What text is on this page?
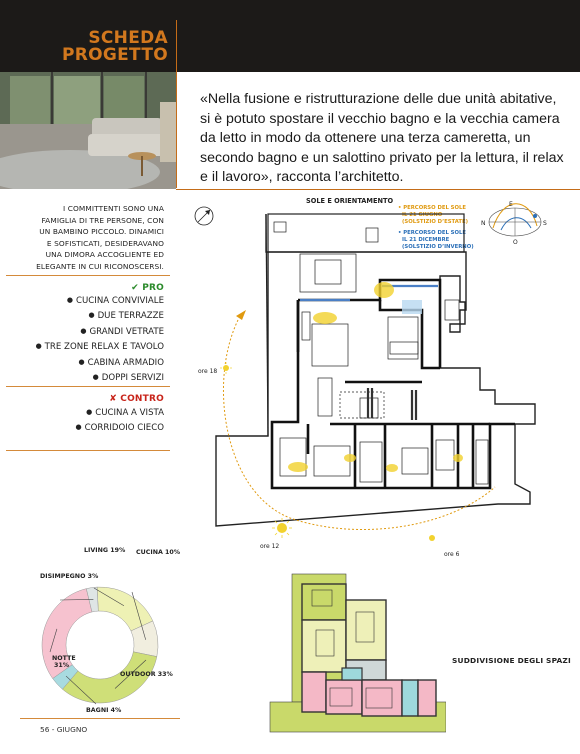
SCHEDA
PROGETTO

«Nella fusione e ristrutturazione delle due unità abitative, si è potuto spostare il vecchio bagno e la vecchia camera da letto in modo da ottenere una terza cameretta, un secondo bagno e un salottino privato per la lettura, il relax e il lavoro», racconta l’architetto.

I COMMITTENTI SONO UNA FAMIGLIA DI TRE PERSONE, CON UN BAMBINO PICCOLO. DINAMICI E SOFISTICATI, DESIDERAVANO UNA DIMORA ACCOGLIENTE ED ELEGANTE IN CUI RICONOSCERSI.

✔ PRO
● CUCINA CONVIVIALE
● DUE TERRAZZE
● GRANDI VETRATE
● TRE ZONE RELAX E TAVOLO
● CABINA ARMADIO
● DOPPI SERVIZI
✘ CONTRO
● CUCINA A VISTA
● CORRIDOIO CIECO
LIVING 19% CUCINA 10%
OUTDOOR 33%
BAGNI 4%
NOTTE 31%
DISIMPEGNO 3%
56 - GIUGNO
SOLE E ORIENTAMENTO
• PERCORSO DEL SOLE
IL 21 GIUGNO
(SOLSTIZIO D’ESTATE)
• PERCORSO DEL SOLE
IL 21 DICEMBRE
(SOLSTIZIO D’INVERNO)
N
E
S
O
ore 18
ore 12
ore 6
SUDDIVISIONE DEGLI SPAZI
